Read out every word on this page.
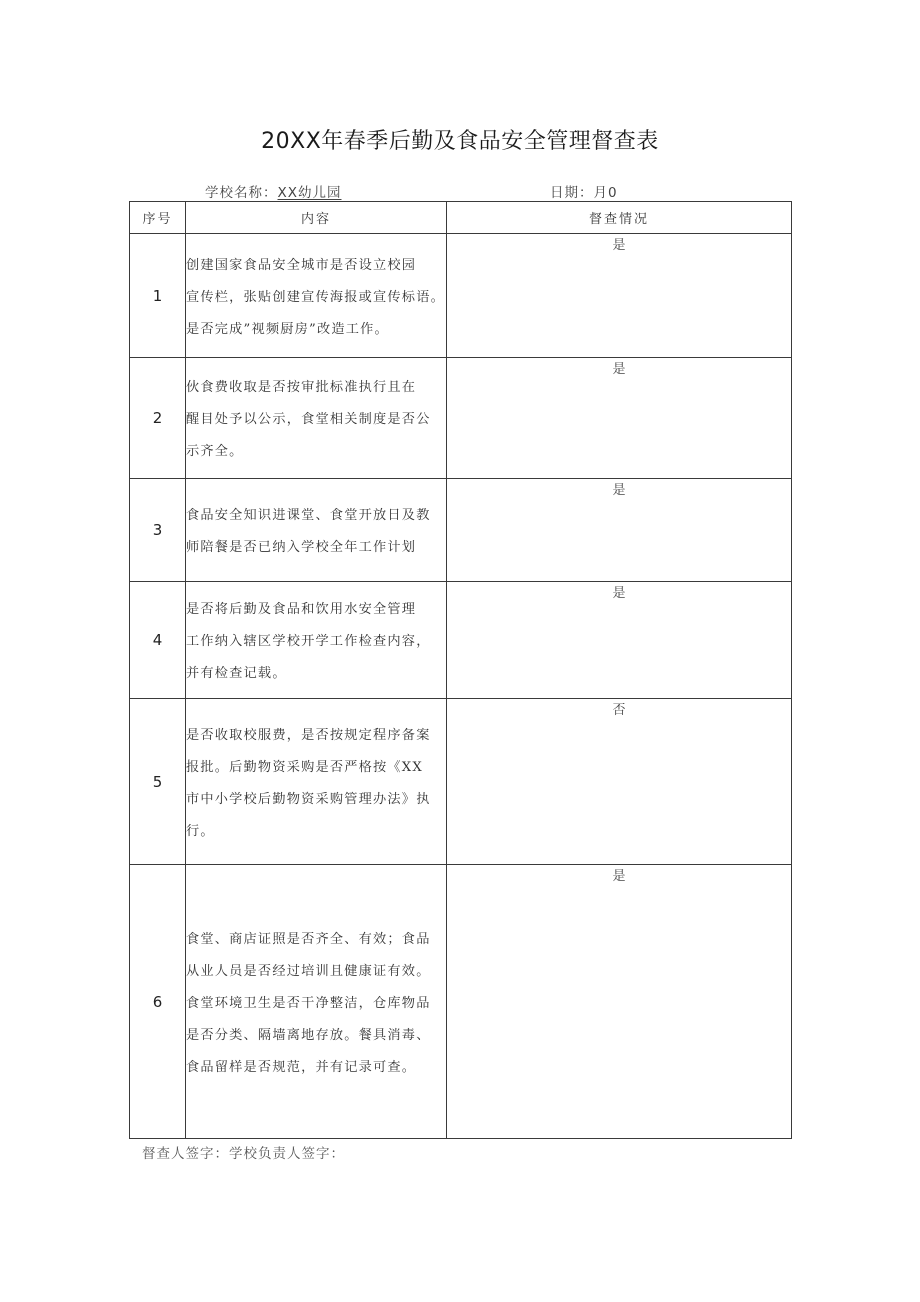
20XX年春季后勤及食品安全管理督查表
学校名称：XX幼儿园	日期：月0
序号	内容	督查情况
1	创建国家食品安全城市是否设立校园
宣传栏，张贴创建宣传海报或宣传标语。
是否完成”视频厨房”改造工作。	是
2	伙食费收取是否按审批标准执行且在
醒目处予以公示，食堂相关制度是否公
示齐全。	是
3	食品安全知识进课堂、食堂开放日及教
师陪餐是否已纳入学校全年工作计划	是
4	是否将后勤及食品和饮用水安全管理
工作纳入辖区学校开学工作检查内容，
并有检查记载。	是
5	是否收取校服费，是否按规定程序备案
报批。后勤物资采购是否严格按《XX
市中小学校后勤物资采购管理办法》执
行。	否
6	食堂、商店证照是否齐全、有效；食品
从业人员是否经过培训且健康证有效。
食堂环境卫生是否干净整洁，仓库物品
是否分类、隔墙离地存放。餐具消毒、
食品留样是否规范，并有记录可查。	是
督查人签字：学校负责人签字：
